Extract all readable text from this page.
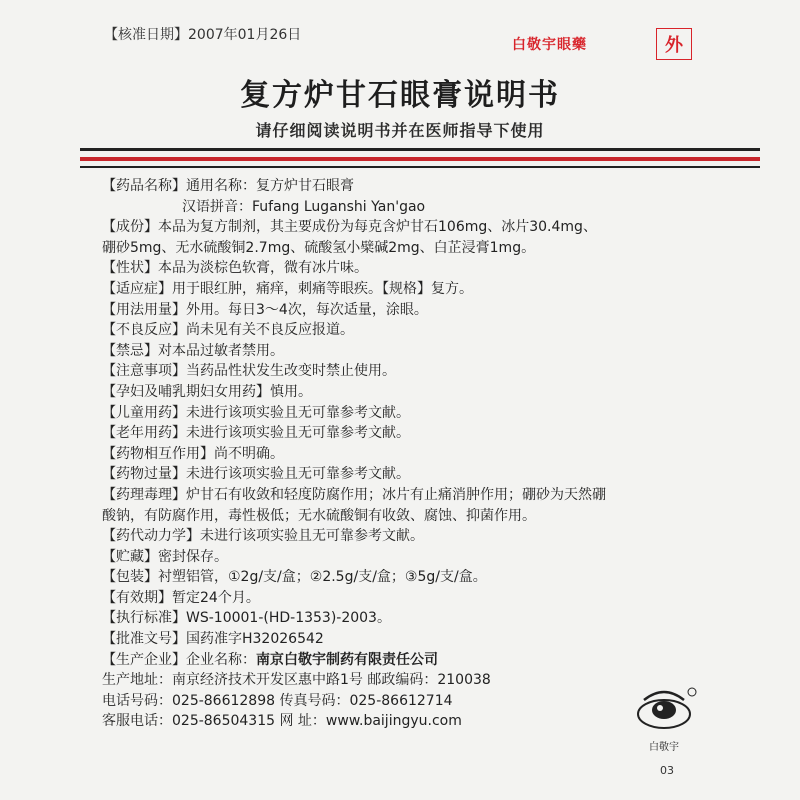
【核准日期】2007年01月26日
白敬宇眼藥	外
复方炉甘石眼膏说明书
请仔细阅读说明书并在医师指导下使用
【药品名称】通用名称：复方炉甘石眼膏
汉语拼音：Fufang Luganshi Yan'gao
【成份】本品为复方制剂，其主要成份为每克含炉甘石106mg、冰片30.4mg、
硼砂5mg、无水硫酸铜2.7mg、硫酸氢小檗碱2mg、白芷浸膏1mg。
【性状】本品为淡棕色软膏，微有冰片味。
【适应症】用于眼红肿，痛痒，刺痛等眼疾。【规格】复方。
【用法用量】外用。每日3～4次，每次适量，涂眼。
【不良反应】尚未见有关不良反应报道。
【禁忌】对本品过敏者禁用。
【注意事项】当药品性状发生改变时禁止使用。
【孕妇及哺乳期妇女用药】慎用。
【儿童用药】未进行该项实验且无可靠参考文献。
【老年用药】未进行该项实验且无可靠参考文献。
【药物相互作用】尚不明确。
【药物过量】未进行该项实验且无可靠参考文献。
【药理毒理】炉甘石有收敛和轻度防腐作用；冰片有止痛消肿作用；硼砂为天然硼
酸钠，有防腐作用，毒性极低；无水硫酸铜有收敛、腐蚀、抑菌作用。
【药代动力学】未进行该项实验且无可靠参考文献。
【贮藏】密封保存。
【包装】衬塑铝管，①2g/支/盒；②2.5g/支/盒；③5g/支/盒。
【有效期】暂定24个月。
【执行标准】WS-10001-(HD-1353)-2003。
【批准文号】国药准字H32026542
【生产企业】企业名称：南京白敬宇制药有限责任公司
生产地址：南京经济技术开发区惠中路1号 邮政编码：210038
电话号码：025-86612898 传真号码：025-86612714
客服电话：025-86504315 网 址：www.baijingyu.com
白敬宇
03
